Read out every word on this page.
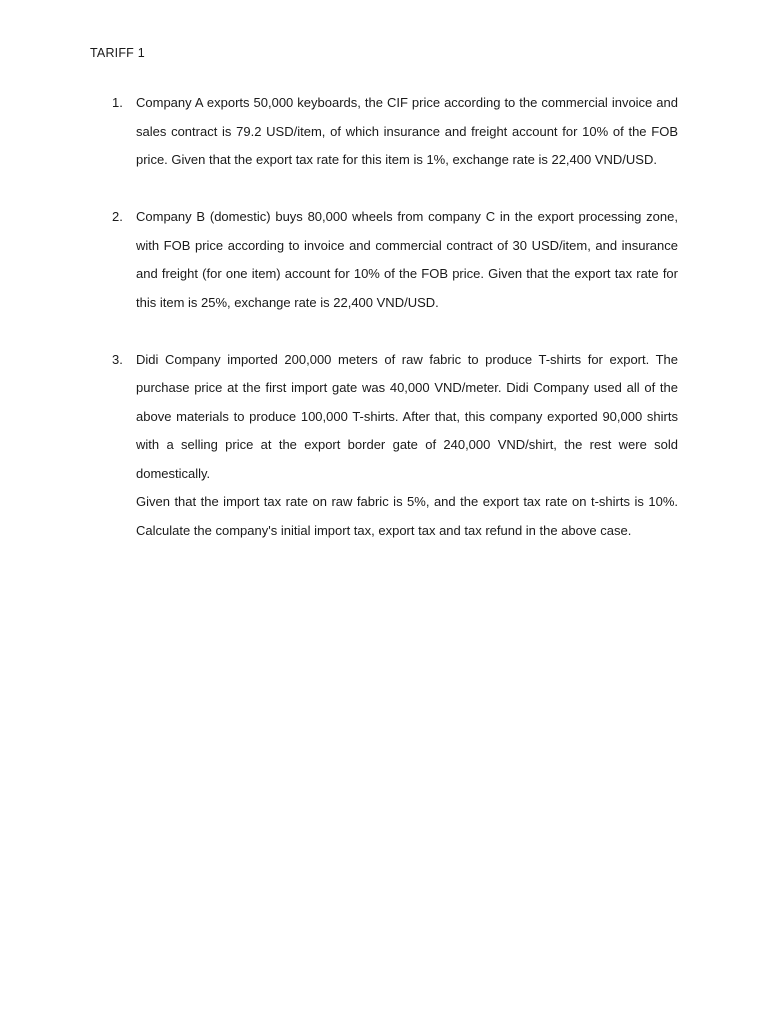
TARIFF 1
1. Company A exports 50,000 keyboards, the CIF price according to the commercial invoice and sales contract is 79.2 USD/item, of which insurance and freight account for 10% of the FOB price. Given that the export tax rate for this item is 1%, exchange rate is 22,400 VND/USD.

2. Company B (domestic) buys 80,000 wheels from company C in the export processing zone, with FOB price according to invoice and commercial contract of 30 USD/item, and insurance and freight (for one item) account for 10% of the FOB price. Given that the export tax rate for this item is 25%, exchange rate is 22,400 VND/USD.

3. Didi Company imported 200,000 meters of raw fabric to produce T-shirts for export. The purchase price at the first import gate was 40,000 VND/meter. Didi Company used all of the above materials to produce 100,000 T-shirts. After that, this company exported 90,000 shirts with a selling price at the export border gate of 240,000 VND/shirt, the rest were sold domestically.

Given that the import tax rate on raw fabric is 5%, and the export tax rate on t-shirts is 10%. Calculate the company's initial import tax, export tax and tax refund in the above case.
